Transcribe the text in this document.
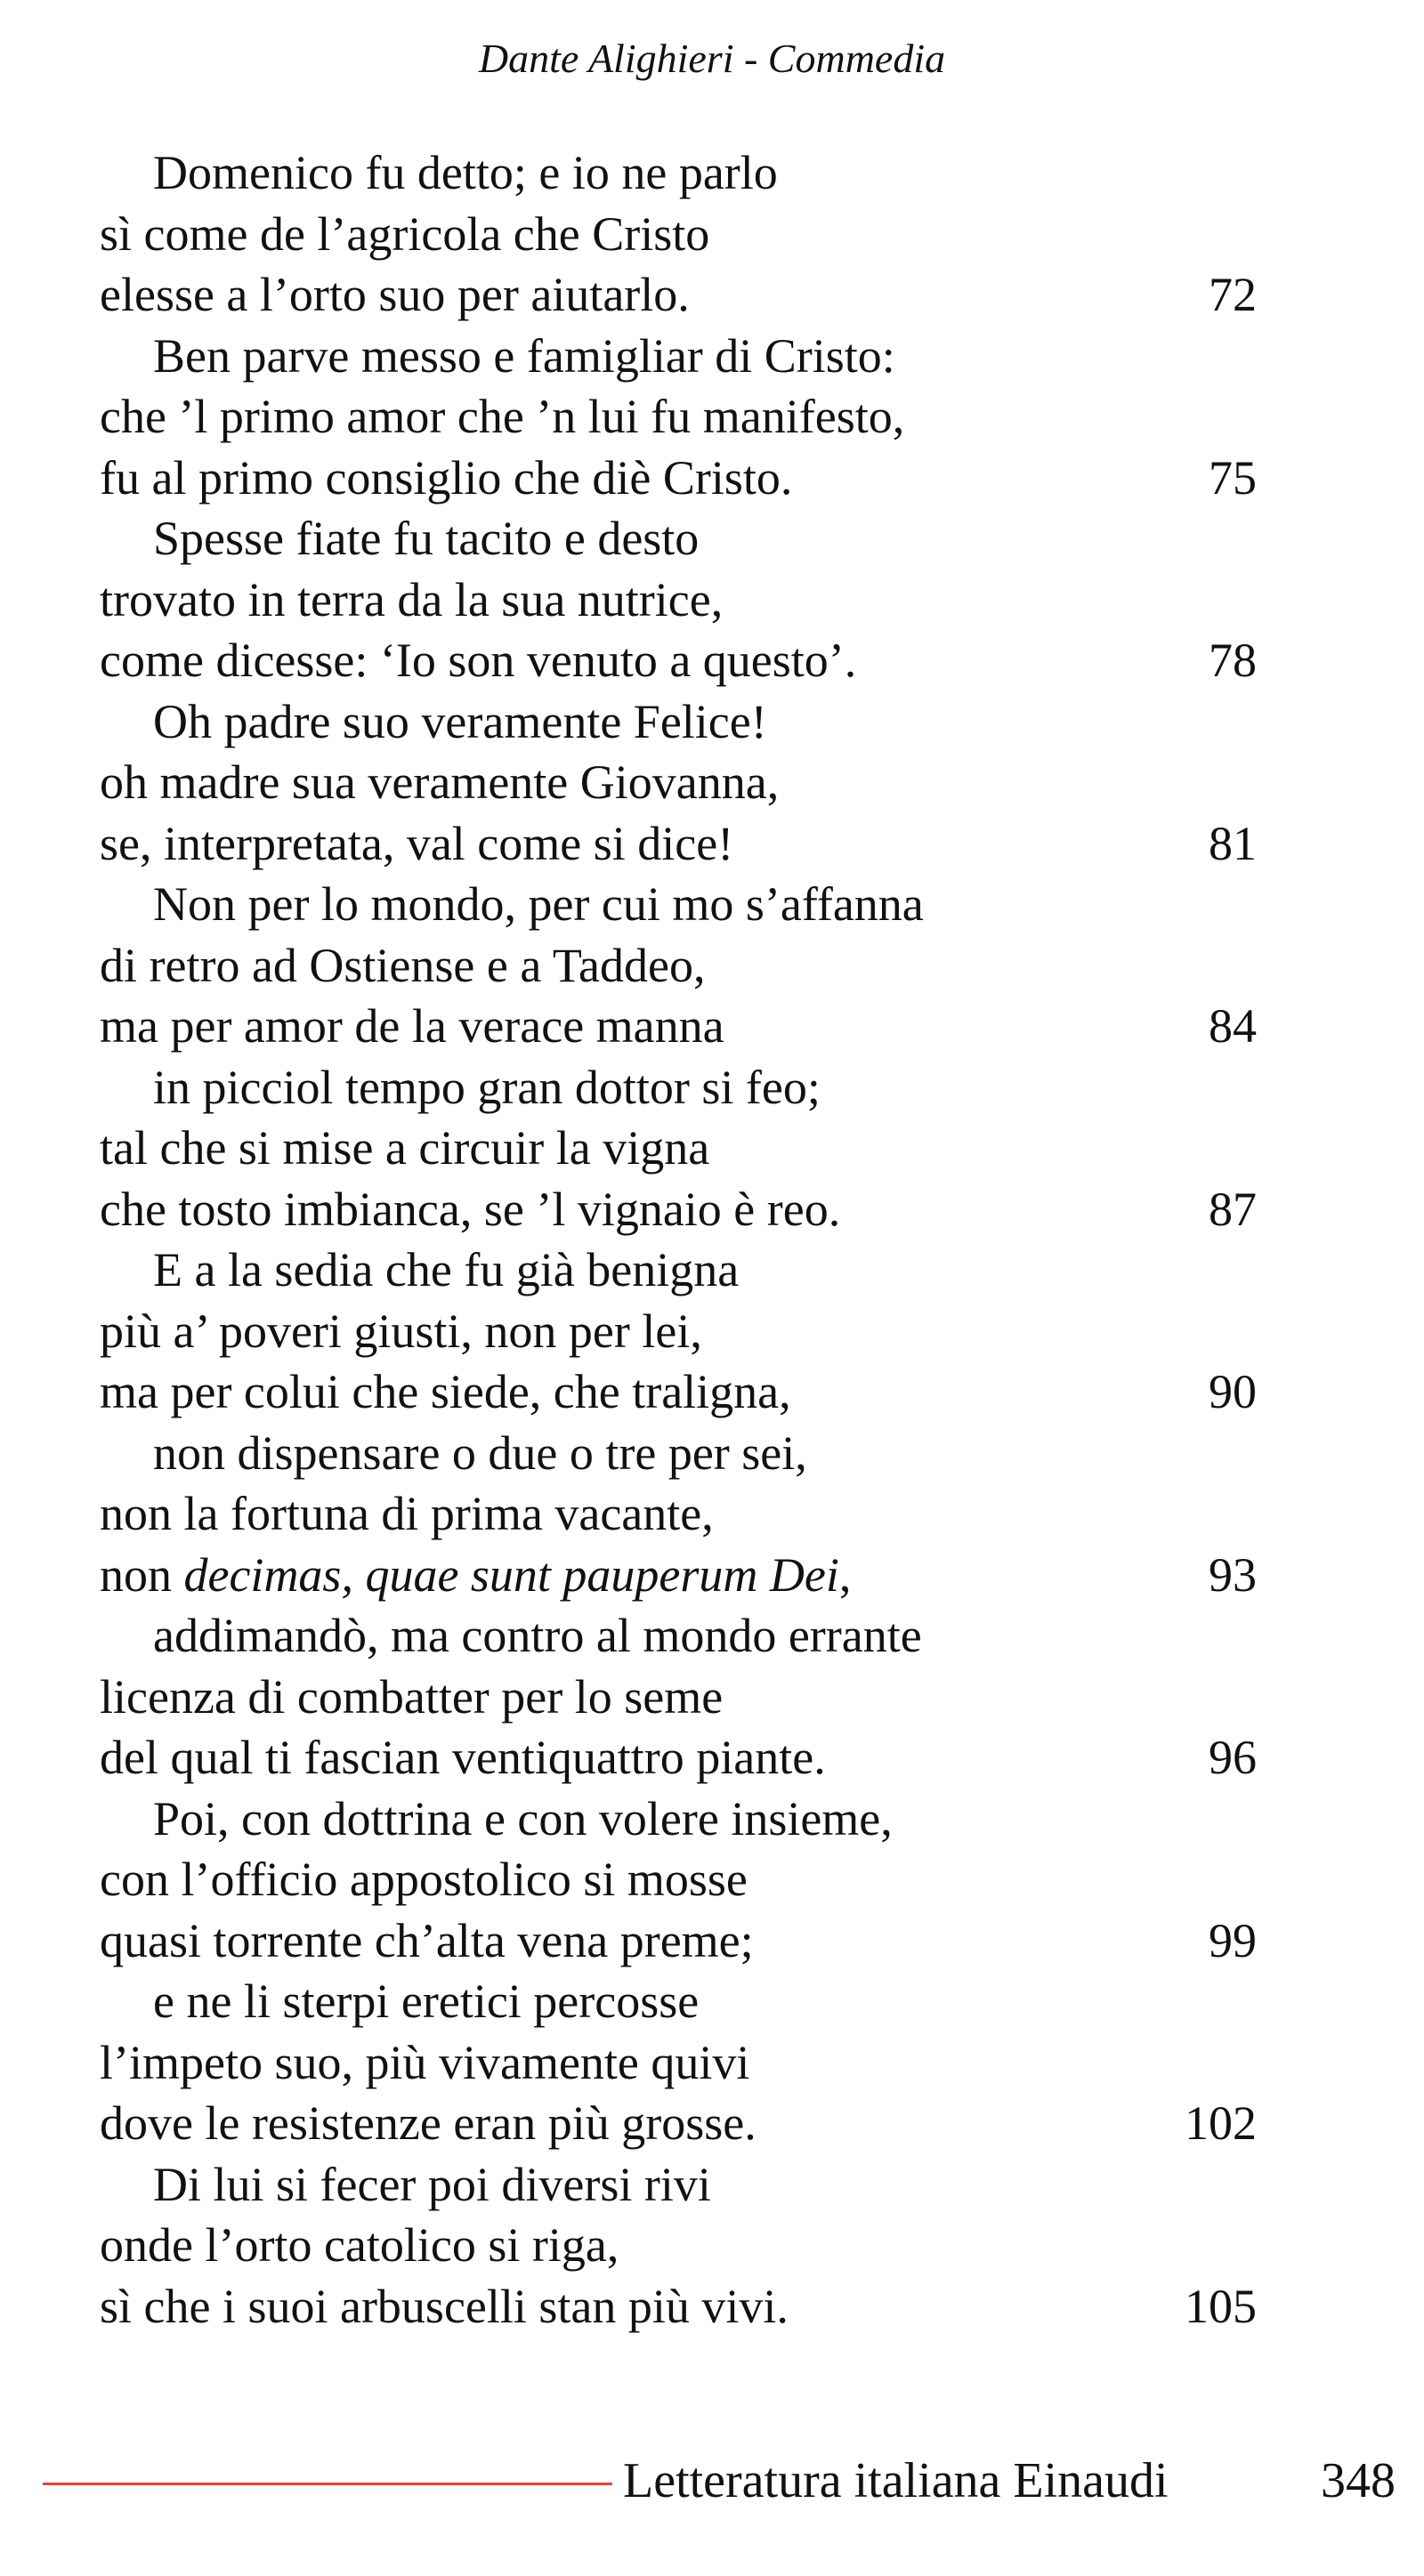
Dante Alighieri - Commedia
Domenico fu detto; e io ne parlo
sì come de l’agricola che Cristo
elesse a l’orto suo per aiutarlo.	72
Ben parve messo e famigliar di Cristo:
che ’l primo amor che ’n lui fu manifesto,
fu al primo consiglio che diè Cristo.	75
Spesse fiate fu tacito e desto
trovato in terra da la sua nutrice,
come dicesse: ‘Io son venuto a questo’.	78
Oh padre suo veramente Felice!
oh madre sua veramente Giovanna,
se, interpretata, val come si dice!	81
Non per lo mondo, per cui mo s’affanna
di retro ad Ostiense e a Taddeo,
ma per amor de la verace manna	84
in picciol tempo gran dottor si feo;
tal che si mise a circuir la vigna
che tosto imbianca, se ’l vignaio è reo.	87
E a la sedia che fu già benigna
più a’ poveri giusti, non per lei,
ma per colui che siede, che traligna,	90
non dispensare o due o tre per sei,
non la fortuna di prima vacante,
non decimas, quae sunt pauperum Dei,	93
addimandò, ma contro al mondo errante
licenza di combatter per lo seme
del qual ti fascian ventiquattro piante.	96
Poi, con dottrina e con volere insieme,
con l’officio appostolico si mosse
quasi torrente ch’alta vena preme;	99
e ne li sterpi eretici percosse
l’impeto suo, più vivamente quivi
dove le resistenze eran più grosse.	102
Di lui si fecer poi diversi rivi
onde l’orto catolico si riga,
sì che i suoi arbuscelli stan più vivi.	105
Letteratura italiana Einaudi	348
